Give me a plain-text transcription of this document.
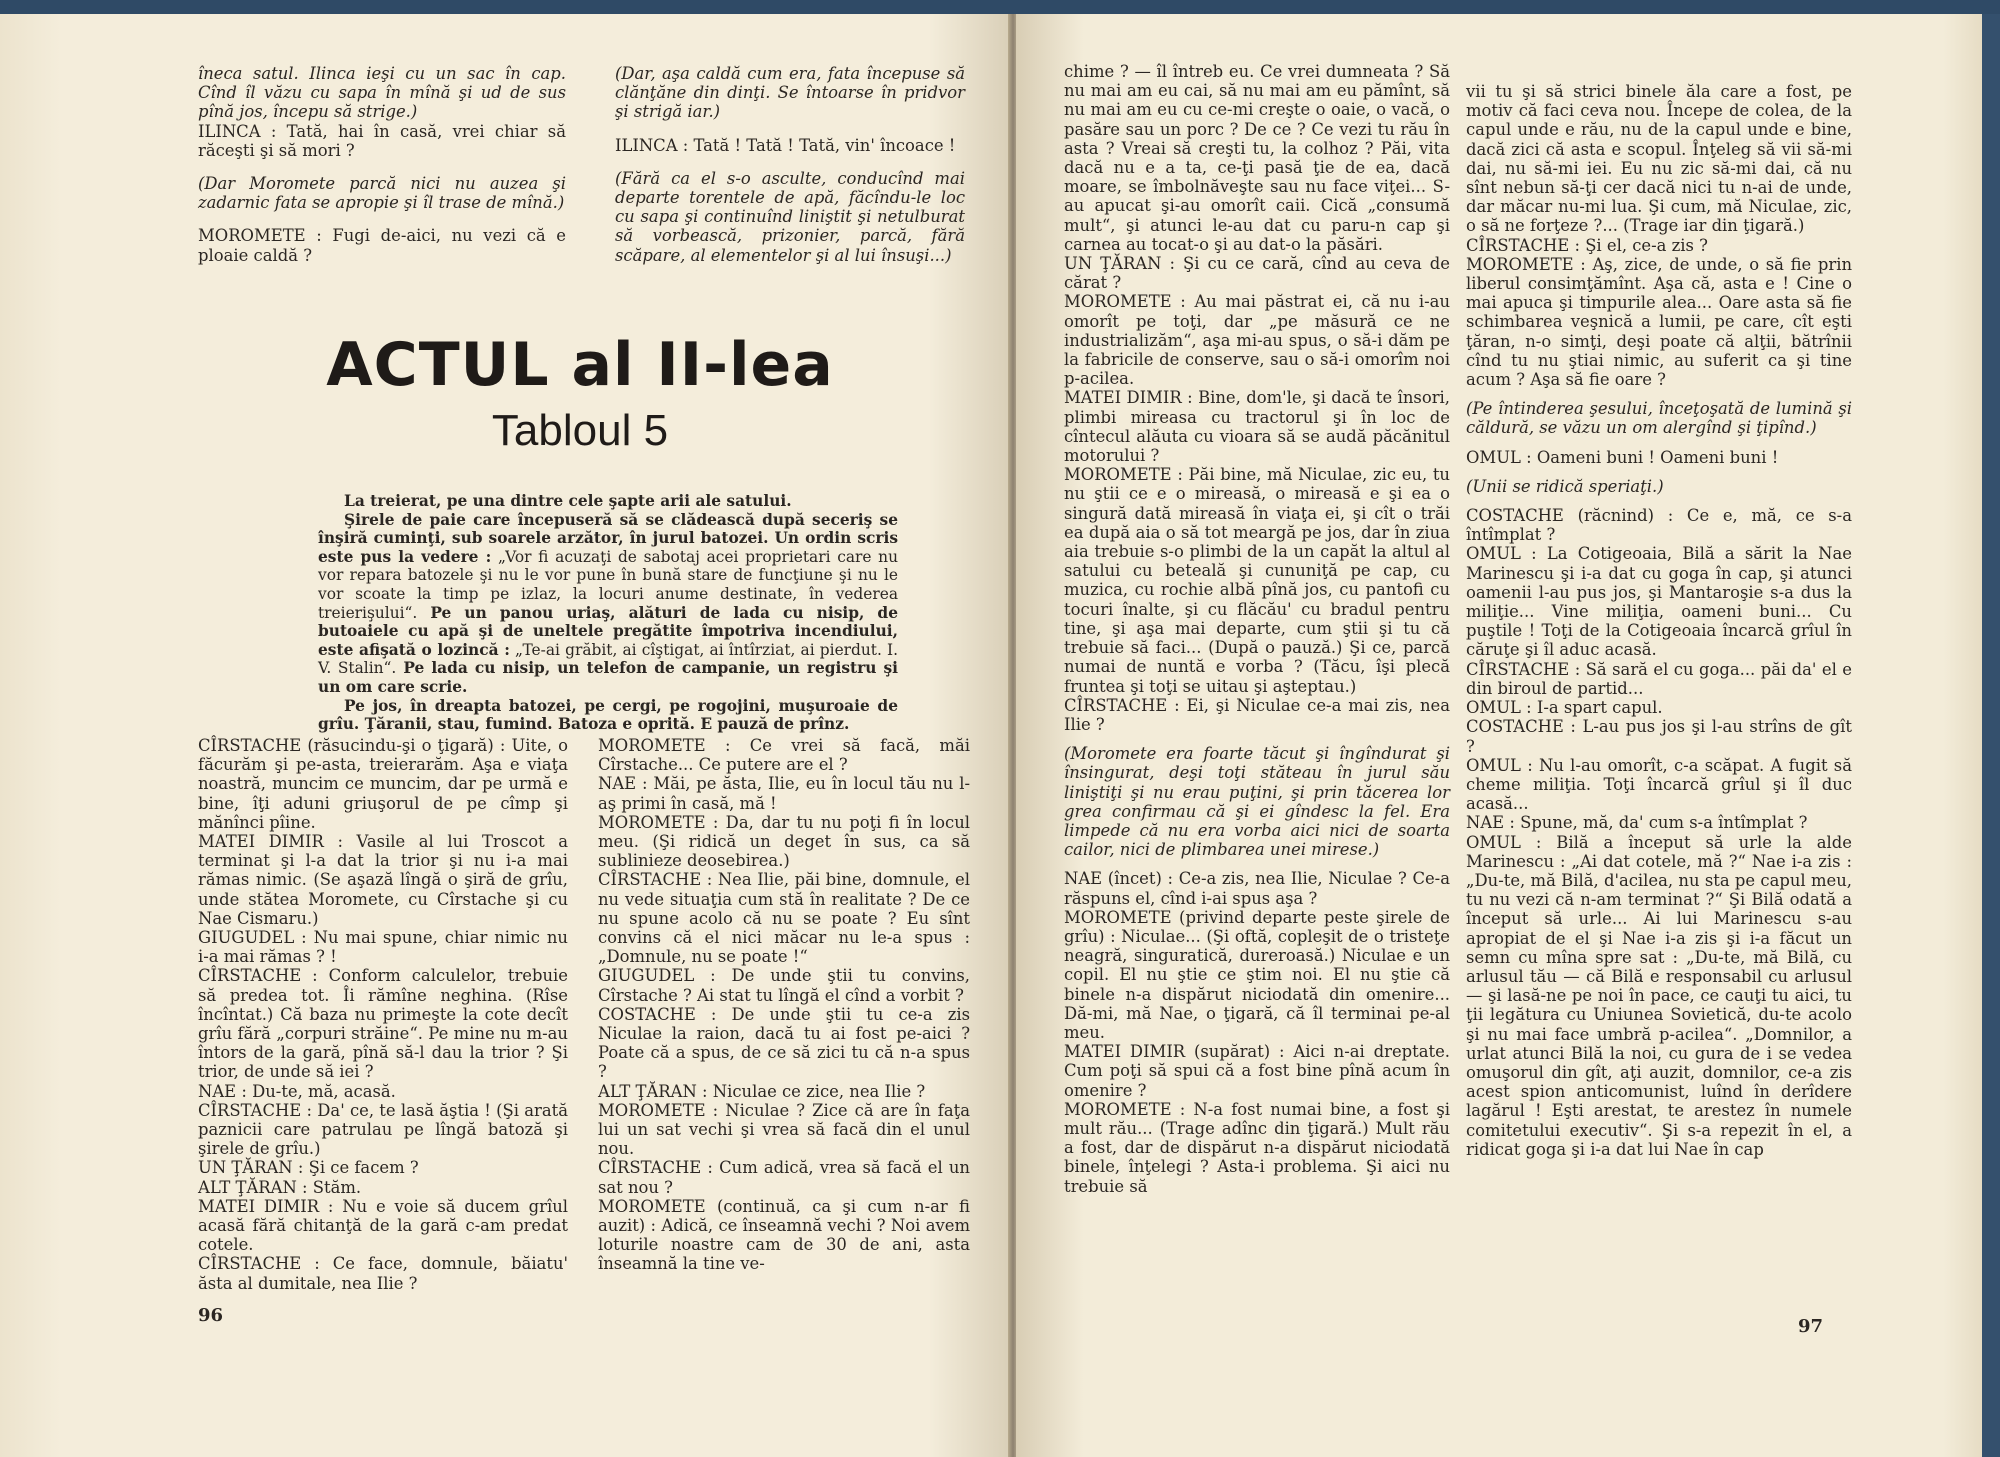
îneca satul. Ilinca ieşi cu un sac în cap. Cînd îl văzu cu sapa în mînă şi ud de sus pînă jos, începu să strige.)

ILINCA : Tată, hai în casă, vrei chiar să răceşti şi să mori ?

(Dar Moromete parcă nici nu auzea şi zadarnic fata se apropie şi îl trase de mînă.)

MOROMETE : Fugi de-aici, nu vezi că e ploaie caldă ?

(Dar, aşa caldă cum era, fata începuse să clănţăne din dinţi. Se întoarse în pridvor şi strigă iar.)

ILINCA : Tată ! Tată ! Tată, vin' încoace !

(Fără ca el s-o asculte, conducînd mai departe torentele de apă, făcîndu-le loc cu sapa şi continuînd liniştit şi netulburat să vorbească, prizonier, parcă, fără scăpare, al elementelor şi al lui însuşi...)

ACTUL al II-lea
Tabloul 5

La treierat, pe una dintre cele şapte arii ale satului.

Şirele de paie care începuseră să se clădească după seceriş se înşiră cuminţi, sub soarele arzător, în jurul batozei. Un ordin scris este pus la vedere : „Vor fi acuzaţi de sabotaj acei proprietari care nu vor repara batozele şi nu le vor pune în bună stare de funcţiune şi nu le vor scoate la timp pe izlaz, la locuri anume destinate, în vederea treierişului“. Pe un panou uriaş, alături de lada cu nisip, de butoaiele cu apă şi de uneltele pregătite împotriva incendiului, este afişată o lozincă : „Te-ai grăbit, ai cîştigat, ai întîrziat, ai pierdut. I. V. Stalin“. Pe lada cu nisip, un telefon de campanie, un registru şi un om care scrie.

Pe jos, în dreapta batozei, pe cergi, pe rogojini, muşuroaie de grîu. Ţăranii, stau, fumind. Batoza e oprită. E pauză de prînz.

CÎRSTACHE (răsucindu-şi o ţigară) : Uite, o făcurăm şi pe-asta, treierarăm. Aşa e viaţa noastră, muncim ce muncim, dar pe urmă e bine, îţi aduni griuşorul de pe cîmp şi mănînci pîine.

MATEI DIMIR : Vasile al lui Troscot a terminat şi l-a dat la trior şi nu i-a mai rămas nimic. (Se aşază lîngă o şiră de grîu, unde stătea Moromete, cu Cîrstache şi cu Nae Cismaru.)

GIUGUDEL : Nu mai spune, chiar nimic nu i-a mai rămas ? !

CÎRSTACHE : Conform calculelor, trebuie să predea tot. Îi rămîne neghina. (Rîse încîntat.) Că baza nu primeşte la cote decît grîu fără „corpuri străine“. Pe mine nu m-au întors de la gară, pînă să-l dau la trior ? Şi trior, de unde să iei ?

NAE : Du-te, mă, acasă.

CÎRSTACHE : Da' ce, te lasă ăştia ! (Şi arată paznicii care patrulau pe lîngă batoză şi şirele de grîu.)

UN ŢĂRAN : Şi ce facem ?

ALT ŢĂRAN : Stăm.

MATEI DIMIR : Nu e voie să ducem grîul acasă fără chitanţă de la gară c-am predat cotele.

CÎRSTACHE : Ce face, domnule, băiatu' ăsta al dumitale, nea Ilie ?

MOROMETE : Ce vrei să facă, măi Cîrstache... Ce putere are el ?

NAE : Măi, pe ăsta, Ilie, eu în locul tău nu l-aş primi în casă, mă !

MOROMETE : Da, dar tu nu poţi fi în locul meu. (Şi ridică un deget în sus, ca să sublinieze deosebirea.)

CÎRSTACHE : Nea Ilie, păi bine, domnule, el nu vede situaţia cum stă în realitate ? De ce nu spune acolo că nu se poate ? Eu sînt convins că el nici măcar nu le-a spus : „Domnule, nu se poate !“

GIUGUDEL : De unde ştii tu convins, Cîrstache ? Ai stat tu lîngă el cînd a vorbit ?

COSTACHE : De unde ştii tu ce-a zis Niculae la raion, dacă tu ai fost pe-aici ? Poate că a spus, de ce să zici tu că n-a spus ?

ALT ŢĂRAN : Niculae ce zice, nea Ilie ?

MOROMETE : Niculae ? Zice că are în faţa lui un sat vechi şi vrea să facă din el unul nou.

CÎRSTACHE : Cum adică, vrea să facă el un sat nou ?

MOROMETE (continuă, ca şi cum n-ar fi auzit) : Adică, ce înseamnă vechi ? Noi avem loturile noastre cam de 30 de ani, asta înseamnă la tine ve-

96

chime ? — îl întreb eu. Ce vrei dumneata ? Să nu mai am eu cai, să nu mai am eu pămînt, să nu mai am eu cu ce-mi creşte o oaie, o vacă, o pasăre sau un porc ? De ce ? Ce vezi tu rău în asta ? Vreai să creşti tu, la colhoz ? Păi, vita dacă nu e a ta, ce-ţi pasă ţie de ea, dacă moare, se îmbolnăveşte sau nu face viţei... S-au apucat şi-au omorît caii. Cică „consumă mult“, şi atunci le-au dat cu paru-n cap şi carnea au tocat-o şi au dat-o la păsări.

UN ŢĂRAN : Şi cu ce cară, cînd au ceva de cărat ?

MOROMETE : Au mai păstrat ei, că nu i-au omorît pe toţi, dar „pe măsură ce ne industrializăm“, aşa mi-au spus, o să-i dăm pe la fabricile de conserve, sau o să-i omorîm noi p-acilea.

MATEI DIMIR : Bine, dom'le, şi dacă te însori, plimbi mireasa cu tractorul şi în loc de cîntecul alăuta cu vioara să se audă păcănitul motorului ?

MOROMETE : Păi bine, mă Niculae, zic eu, tu nu ştii ce e o mireasă, o mireasă e şi ea o singură dată mireasă în viaţa ei, şi cît o trăi ea după aia o să tot meargă pe jos, dar în ziua aia trebuie s-o plimbi de la un capăt la altul al satului cu beteală şi cununiţă pe cap, cu muzica, cu rochie albă pînă jos, cu pantofi cu tocuri înalte, şi cu flăcău' cu bradul pentru tine, şi aşa mai departe, cum ştii şi tu că trebuie să faci... (După o pauză.) Şi ce, parcă numai de nuntă e vorba ? (Tăcu, îşi plecă fruntea şi toţi se uitau şi aşteptau.)

CÎRSTACHE : Ei, şi Niculae ce-a mai zis, nea Ilie ?

(Moromete era foarte tăcut şi îngîndurat şi însingurat, deşi toţi stăteau în jurul său liniştiţi şi nu erau puţini, şi prin tăcerea lor grea confirmau că şi ei gîndesc la fel. Era limpede că nu era vorba aici nici de soarta cailor, nici de plimbarea unei mirese.)

NAE (încet) : Ce-a zis, nea Ilie, Niculae ? Ce-a răspuns el, cînd i-ai spus aşa ?

MOROMETE (privind departe peste şirele de grîu) : Niculae... (Şi oftă, copleşit de o tristeţe neagră, singuratică, dureroasă.) Niculae e un copil. El nu ştie ce ştim noi. El nu ştie că binele n-a dispărut niciodată din omenire... Dă-mi, mă Nae, o ţigară, că îl terminai pe-al meu.

MATEI DIMIR (supărat) : Aici n-ai dreptate. Cum poţi să spui că a fost bine pînă acum în omenire ?

MOROMETE : N-a fost numai bine, a fost şi mult rău... (Trage adînc din ţigară.) Mult rău a fost, dar de dispărut n-a dispărut niciodată binele, înţelegi ? Asta-i problema. Şi aici nu trebuie să

vii tu şi să strici binele ăla care a fost, pe motiv că faci ceva nou. Începe de colea, de la capul unde e rău, nu de la capul unde e bine, dacă zici că asta e scopul. Înţeleg să vii să-mi dai, nu să-mi iei. Eu nu zic să-mi dai, că nu sînt nebun să-ţi cer dacă nici tu n-ai de unde, dar măcar nu-mi lua. Şi cum, mă Niculae, zic, o să ne forţeze ?... (Trage iar din ţigară.)

CÎRSTACHE : Şi el, ce-a zis ?

MOROMETE : Aş, zice, de unde, o să fie prin liberul consimţămînt. Aşa că, asta e ! Cine o mai apuca şi timpurile alea... Oare asta să fie schimbarea veşnică a lumii, pe care, cît eşti ţăran, n-o simţi, deşi poate că alţii, bătrînii cînd tu nu ştiai nimic, au suferit ca şi tine acum ? Aşa să fie oare ?

(Pe întinderea şesului, înceţoşată de lumină şi căldură, se văzu un om alergînd şi ţipînd.)

OMUL : Oameni buni ! Oameni buni !

(Unii se ridică speriaţi.)

COSTACHE (răcnind) : Ce e, mă, ce s-a întîmplat ?

OMUL : La Cotigeoaia, Bilă a sărit la Nae Marinescu şi i-a dat cu goga în cap, şi atunci oamenii l-au pus jos, şi Mantaroşie s-a dus la miliţie... Vine miliţia, oameni buni... Cu puştile ! Toţi de la Cotigeoaia încarcă grîul în căruţe şi îl aduc acasă.

CÎRSTACHE : Să sară el cu goga... păi da' el e din biroul de partid...

OMUL : I-a spart capul.

COSTACHE : L-au pus jos şi l-au strîns de gît ?

OMUL : Nu l-au omorît, c-a scăpat. A fugit să cheme miliţia. Toţi încarcă grîul şi îl duc acasă...

NAE : Spune, mă, da' cum s-a întîmplat ?

OMUL : Bilă a început să urle la alde Marinescu : „Ai dat cotele, mă ?“ Nae i-a zis : „Du-te, mă Bilă, d'acilea, nu sta pe capul meu, tu nu vezi că n-am terminat ?“ Şi Bilă odată a început să urle... Ai lui Marinescu s-au apropiat de el şi Nae i-a zis şi i-a făcut un semn cu mîna spre sat : „Du-te, mă Bilă, cu arlusul tău — că Bilă e responsabil cu arlusul — şi lasă-ne pe noi în pace, ce cauţi tu aici, tu ţii legătura cu Uniunea Sovietică, du-te acolo şi nu mai face umbră p-acilea“. „Domnilor, a urlat atunci Bilă la noi, cu gura de i se vedea omuşorul din gît, aţi auzit, domnilor, ce-a zis acest spion anticomunist, luînd în derîdere lagărul ! Eşti arestat, te arestez în numele comitetului executiv“. Şi s-a repezit în el, a ridicat goga şi i-a dat lui Nae în cap

97
